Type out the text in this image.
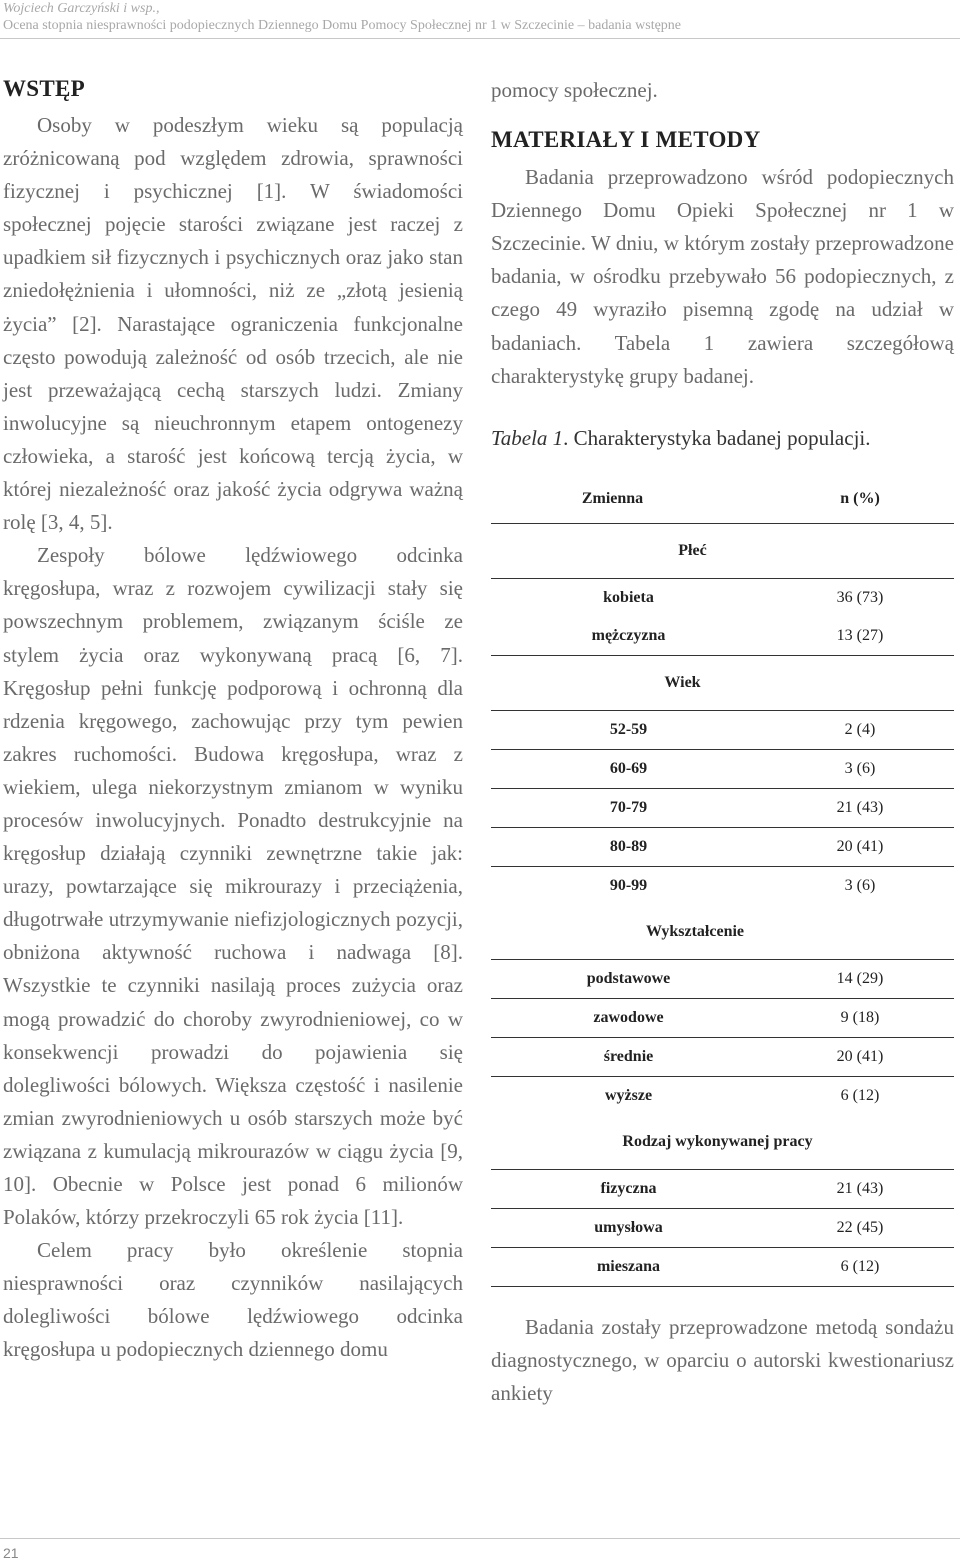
Wojciech Garczyński i wsp.,
Ocena stopnia niesprawności podopiecznych Dziennego Domu Pomocy Społecznej nr 1 w Szczecinie – badania wstępne
WSTĘP

Osoby w podeszłym wieku są populacją zróżnicowaną pod względem zdrowia, sprawności fizycznej i psychicznej [1]. W świadomości społecznej pojęcie starości związane jest raczej z upadkiem sił fizycznych i psychicznych oraz jako stan zniedołężnienia i ułomności, niż ze „złotą jesienią życia” [2]. Narastające ograniczenia funkcjonalne często powodują zależność od osób trzecich, ale nie jest przeważającą cechą starszych ludzi. Zmiany inwolucyjne są nieuchronnym etapem ontogenezy człowieka, a starość jest końcową tercją życia, w której niezależność oraz jakość życia odgrywa ważną rolę [3, 4, 5].

Zespoły bólowe lędźwiowego odcinka kręgosłupa, wraz z rozwojem cywilizacji stały się powszechnym problemem, związanym ściśle ze stylem życia oraz wykonywaną pracą [6, 7]. Kręgosłup pełni funkcję podporową i ochronną dla rdzenia kręgowego, zachowując przy tym pewien zakres ruchomości. Budowa kręgosłupa, wraz z wiekiem, ulega niekorzystnym zmianom w wyniku procesów inwolucyjnych. Ponadto destrukcyjnie na kręgosłup działają czynniki zewnętrzne takie jak: urazy, powtarzające się mikrourazy i przeciążenia, długotrwałe utrzymywanie niefizjologicznych pozycji, obniżona aktywność ruchowa i nadwaga [8]. Wszystkie te czynniki nasilają proces zużycia oraz mogą prowadzić do choroby zwyrodnieniowej, co w konsekwencji prowadzi do pojawienia się dolegliwości bólowych. Większa częstość i nasilenie zmian zwyrodnieniowych u osób starszych może być związana z kumulacją mikrourazów w ciągu życia [9, 10]. Obecnie w Polsce jest ponad 6 milionów Polaków, którzy przekroczyli 65 rok życia [11].

Celem pracy było określenie stopnia niesprawności oraz czynników nasilających dolegliwości bólowe lędźwiowego odcinka kręgosłupa u podopiecznych dziennego domu

pomocy społecznej.

MATERIAŁY I METODY

Badania przeprowadzono wśród podopiecznych Dziennego Domu Opieki Społecznej nr 1 w Szczecinie. W dniu, w którym zostały przeprowadzone badania, w ośrodku przebywało 56 podopiecznych, z czego 49 wyraziło pisemną zgodę na udział w badaniach. Tabela 1 zawiera szczegółową charakterystykę grupy badanej.

Tabela 1. Charakterystyka badanej populacji.
Zmienna	n (%)
Płeć	
kobieta	36 (73)
mężczyzna	13 (27)
Wiek	
52-59	2 (4)
60-69	3 (6)
70-79	21 (43)
80-89	20 (41)
90-99	3 (6)
Wykształcenie	
podstawowe	14 (29)
zawodowe	9 (18)
średnie	20 (41)
wyższe	6 (12)
Rodzaj wykonywanej pracy	
fizyczna	21 (43)
umysłowa	22 (45)
mieszana	6 (12)

Badania zostały przeprowadzone metodą sondażu diagnostycznego, w oparciu o autorski kwestionariusz ankiety

21
